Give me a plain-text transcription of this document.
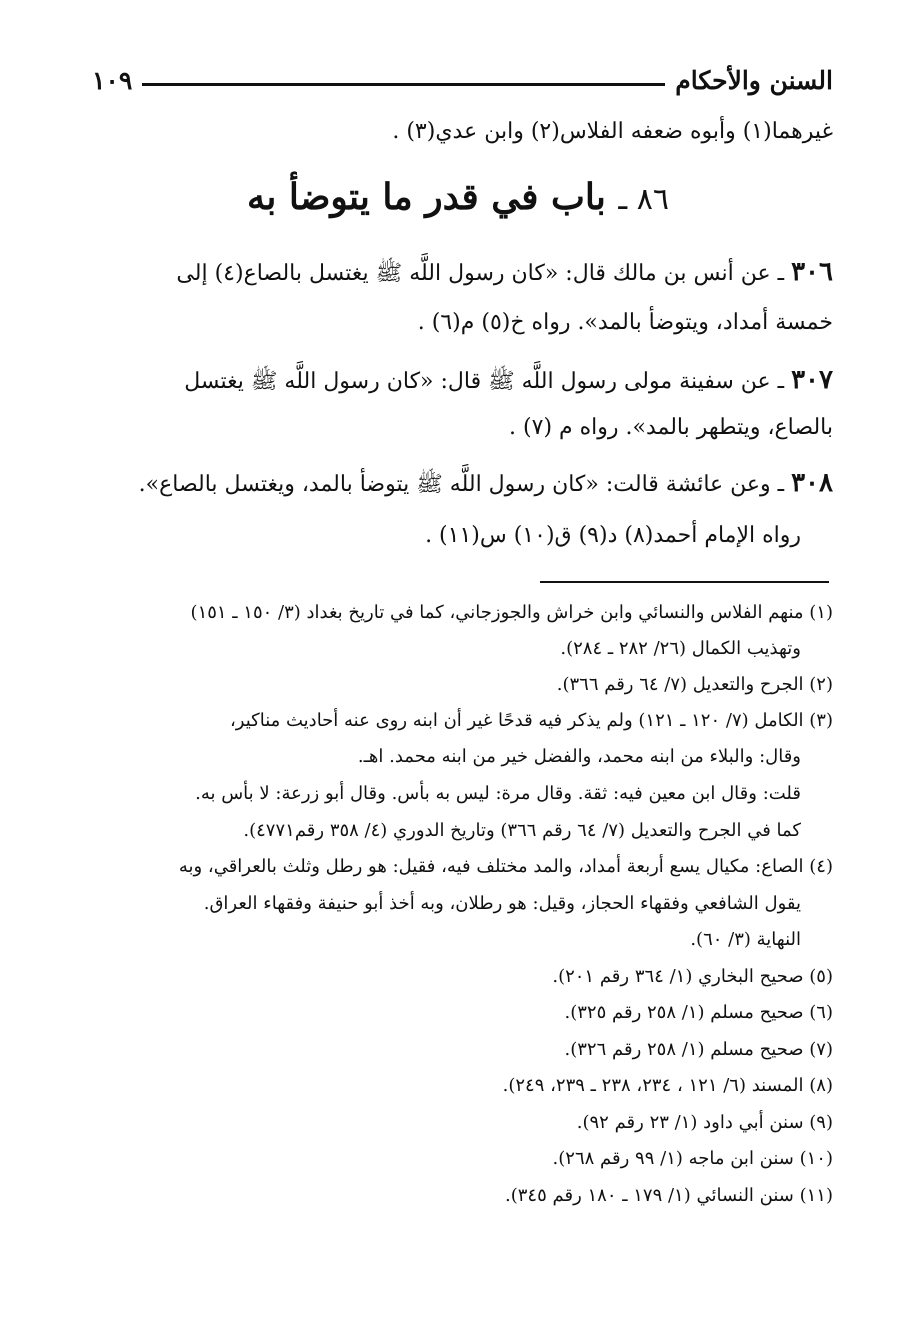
السنن والأحكام
١٠٩
غيرهما(١) وأبوه ضعفه الفلاس(٢) وابن عدي(٣) .
٨٦ ـ باب في قدر ما يتوضأ به
٣٠٦ ـ عن أنس بن مالك قال: «كان رسول اللَّه ﷺ يغتسل بالصاع(٤) إلى
خمسة أمداد، ويتوضأ بالمد». رواه خ(٥) م(٦) .
٣٠٧ ـ عن سفينة مولى رسول اللَّه ﷺ قال: «كان رسول اللَّه ﷺ يغتسل
بالصاع، ويتطهر بالمد». رواه م (٧) .
٣٠٨ ـ وعن عائشة قالت: «كان رسول اللَّه ﷺ يتوضأ بالمد، ويغتسل بالصاع».
رواه الإمام أحمد(٨) د(٩) ق(١٠) س(١١) .
(١) منهم الفلاس والنسائي وابن خراش والجوزجاني، كما في تاريخ بغداد (٣/ ١٥٠ ـ ١٥١)
وتهذيب الكمال (٢٦/ ٢٨٢ ـ ٢٨٤).
(٢) الجرح والتعديل (٧/ ٦٤ رقم ٣٦٦).
(٣) الكامل (٧/ ١٢٠ ـ ١٢١) ولم يذكر فيه قدحًا غير أن ابنه روى عنه أحاديث مناكير،
وقال: والبلاء من ابنه محمد، والفضل خير من ابنه محمد. اهـ.
قلت: وقال ابن معين فيه: ثقة. وقال مرة: ليس به بأس. وقال أبو زرعة: لا بأس به.
كما في الجرح والتعديل (٧/ ٦٤ رقم ٣٦٦) وتاريخ الدوري (٤/ ٣٥٨ رقم٤٧٧١).
(٤) الصاع: مكيال يسع أربعة أمداد، والمد مختلف فيه، فقيل: هو رطل وثلث بالعراقي، وبه
يقول الشافعي وفقهاء الحجاز، وقيل: هو رطلان، وبه أخذ أبو حنيفة وفقهاء العراق.
النهاية (٣/ ٦٠).
(٥) صحيح البخاري (١/ ٣٦٤ رقم ٢٠١).
(٦) صحيح مسلم (١/ ٢٥٨ رقم ٣٢٥).
(٧) صحيح مسلم (١/ ٢٥٨ رقم ٣٢٦).
(٨) المسند (٦/ ١٢١ ، ٢٣٤، ٢٣٨ ـ ٢٣٩، ٢٤٩).
(٩) سنن أبي داود (١/ ٢٣ رقم ٩٢).
(١٠) سنن ابن ماجه (١/ ٩٩ رقم ٢٦٨).
(١١) سنن النسائي (١/ ١٧٩ ـ ١٨٠ رقم ٣٤٥).
